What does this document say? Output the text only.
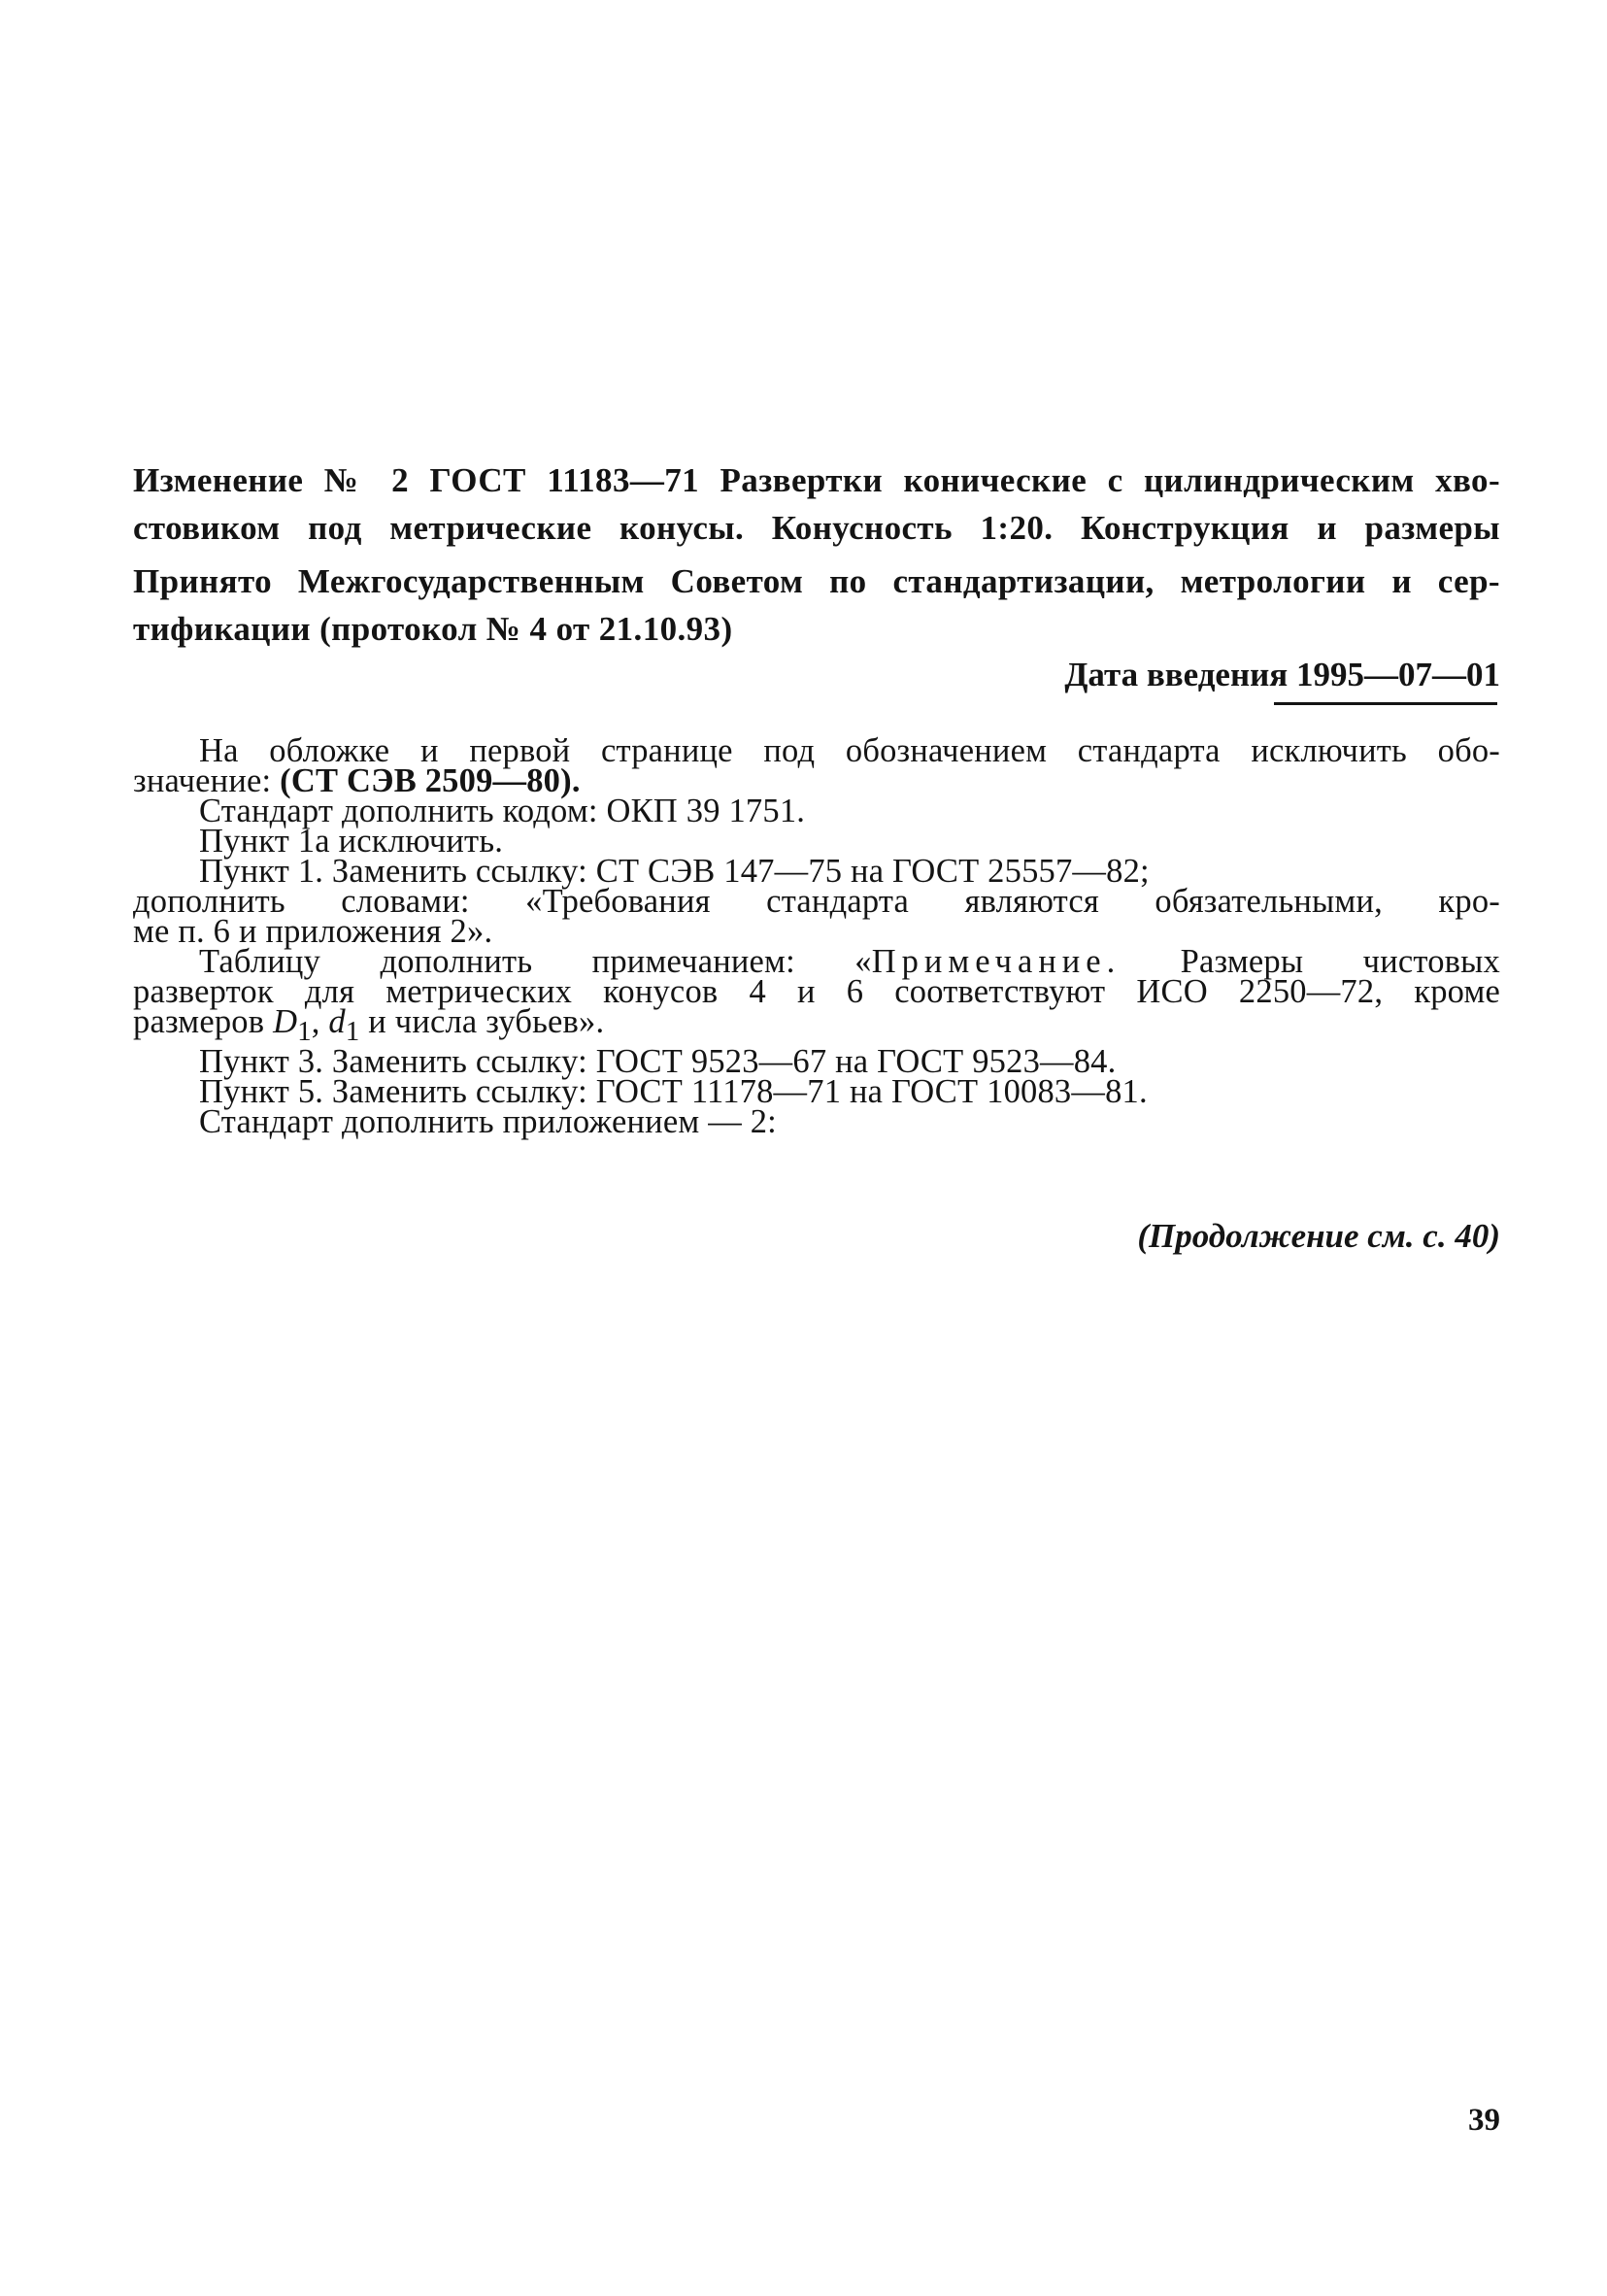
Изменение № 2 ГОСТ 11183—71 Развертки конические с цилиндрическим хво-
стовиком под метрические конусы. Конусность 1:20. Конструкция и размеры
Принято Межгосударственным Советом по стандартизации, метрологии и сер-
тификации (протокол № 4 от 21.10.93)
Дата введения 1995—07—01
На обложке и первой странице под обозначением стандарта исключить обо-
значение: (СТ СЭВ 2509—80).
Стандарт дополнить кодом: ОКП 39 1751.
Пункт 1а исключить.
Пункт 1. Заменить ссылку: СТ СЭВ 147—75 на ГОСТ 25557—82;
дополнить словами: «Требования стандарта являются обязательными, кро-
ме п. 6 и приложения 2».
Таблицу дополнить примечанием: «Примечание. Размеры чистовых
разверток для метрических конусов 4 и 6 соответствуют ИСО 2250—72, кроме
размеров $D_1$, $d_1$ и числа зубьев».
Пункт 3. Заменить ссылку: ГОСТ 9523—67 на ГОСТ 9523—84.
Пункт 5. Заменить ссылку: ГОСТ 11178—71 на ГОСТ 10083—81.
Стандарт дополнить приложением — 2:
(Продолжение см. с. 40)
39
